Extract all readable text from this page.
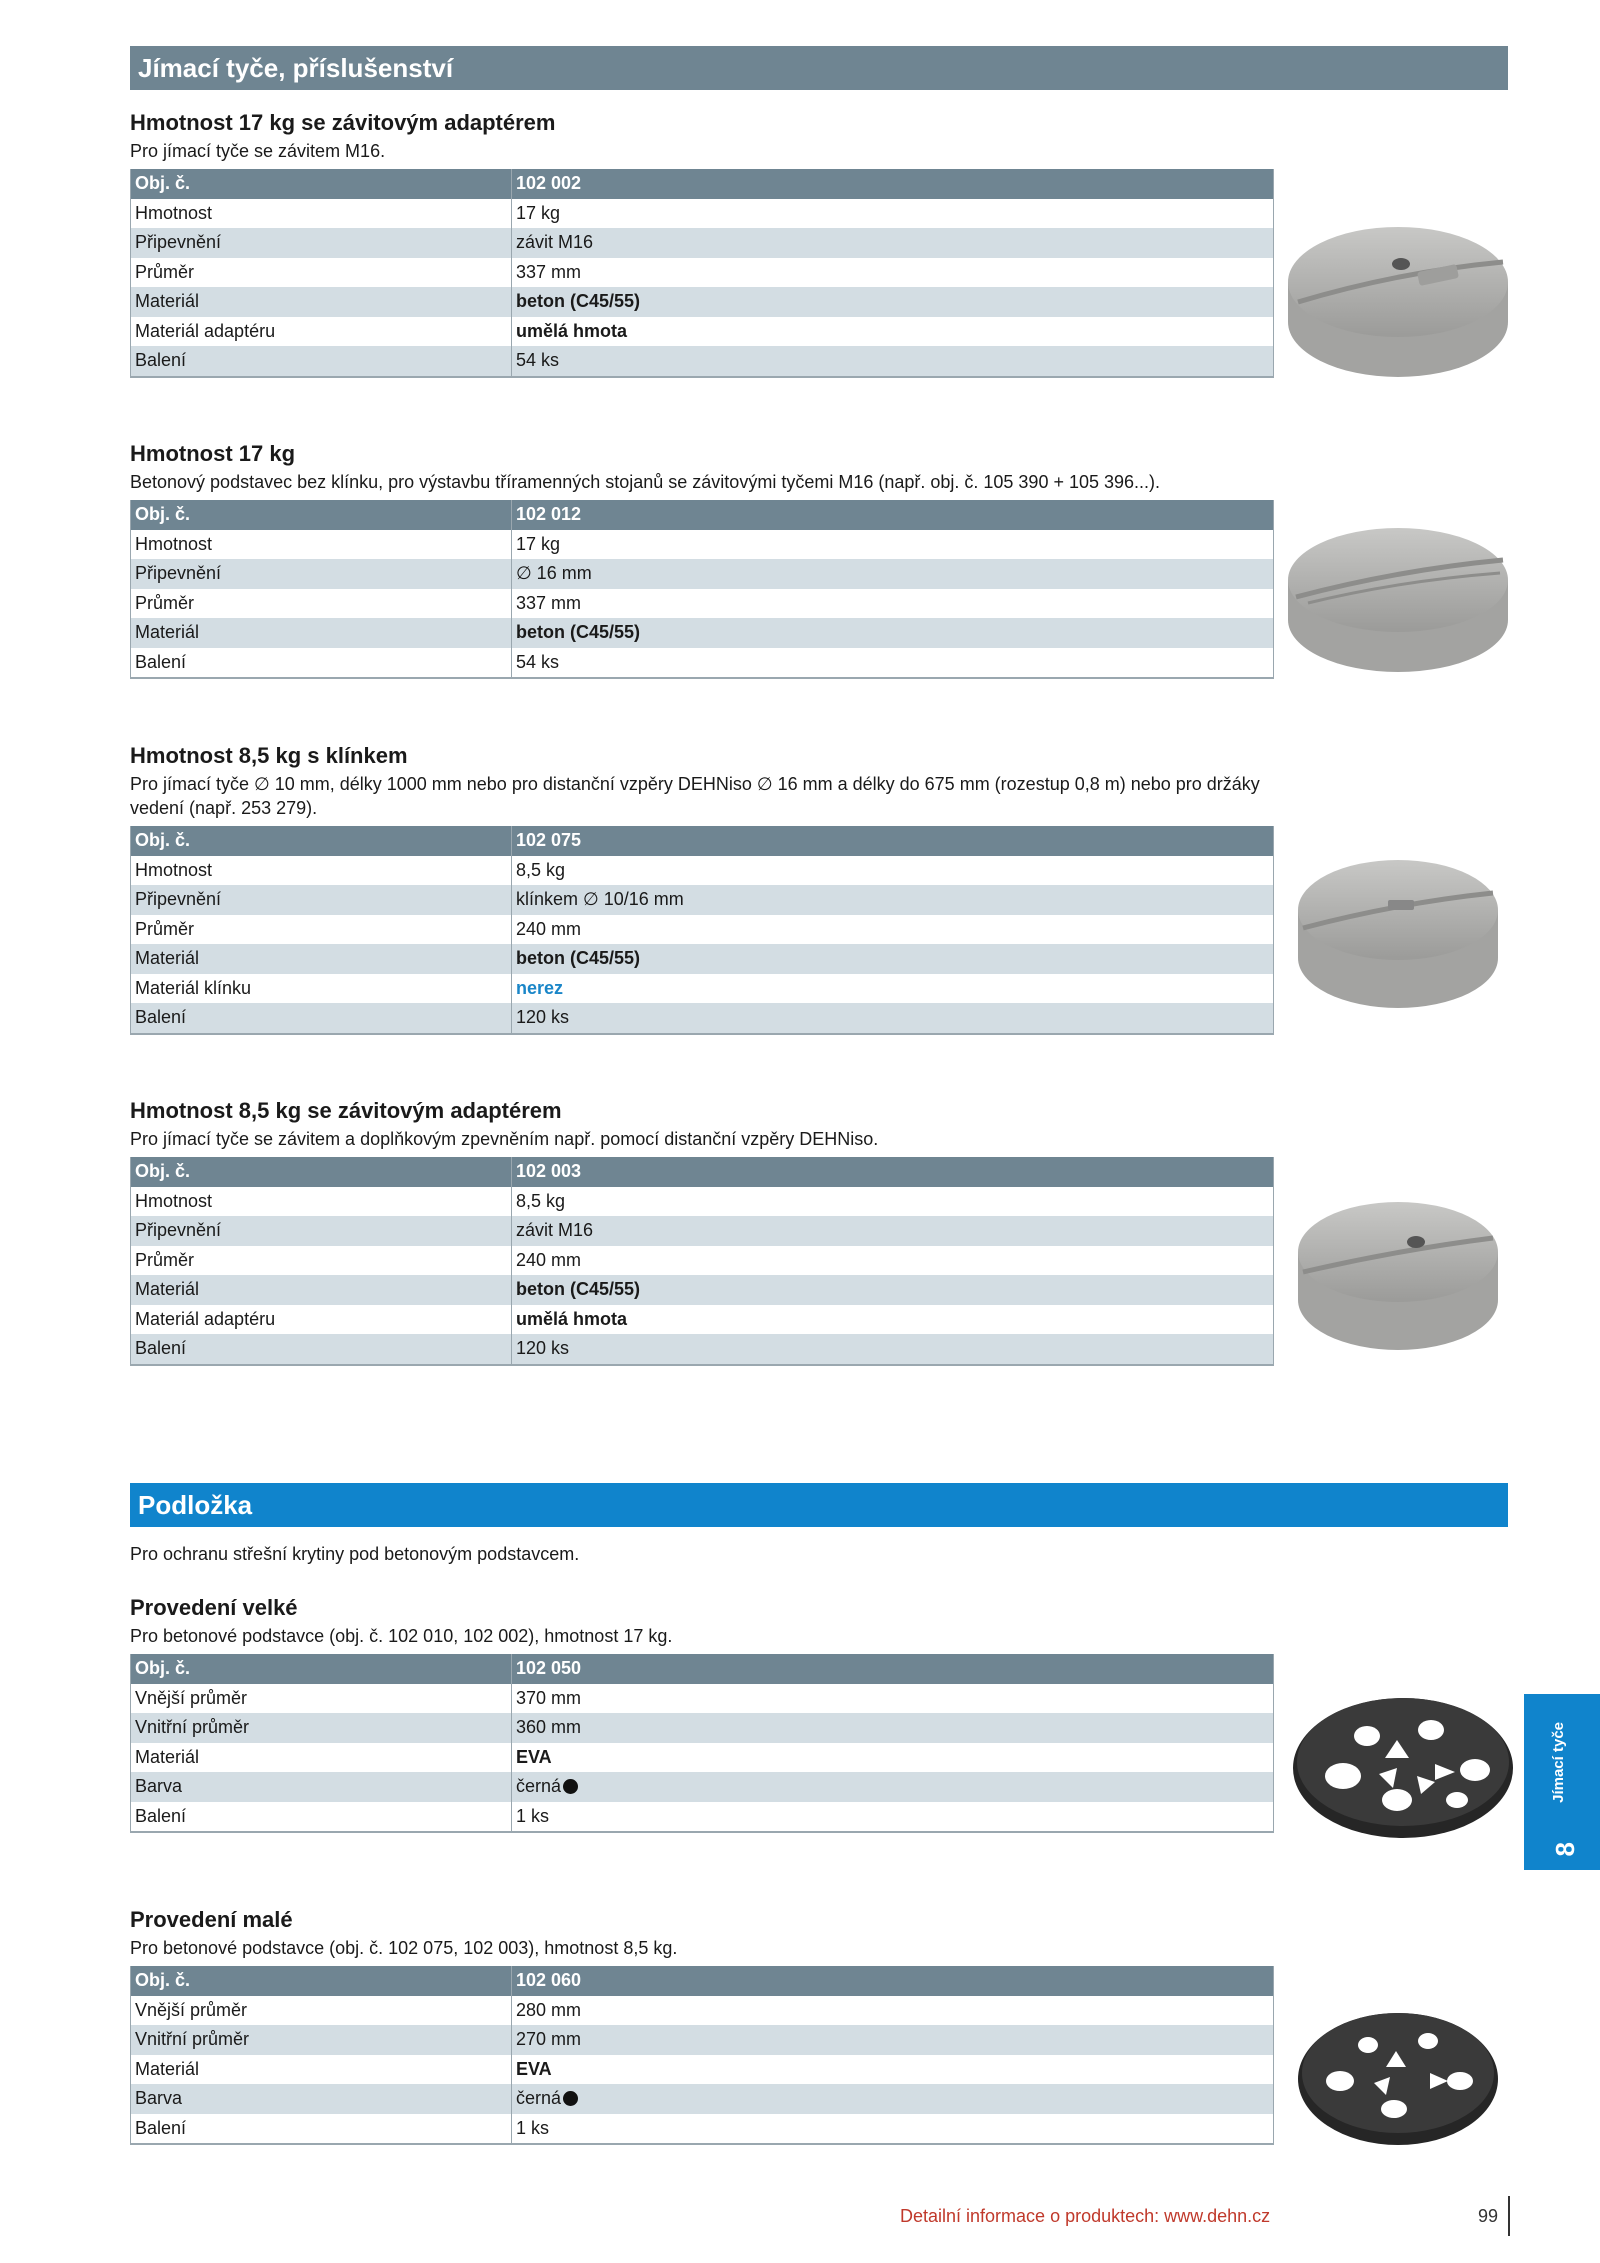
Jímací tyče, příslušenství

Hmotnost 17 kg se závitovým adaptérem

Pro jímací tyče se závitem M16.

Obj. č.	102 002
Hmotnost	17 kg
Připevnění	závit M16
Průměr	337 mm
Materiál	beton (C45/55)
Materiál adaptéru	umělá hmota
Balení	54 ks

Hmotnost 17 kg

Betonový podstavec bez klínku, pro výstavbu tříramenných stojanů se závitovými tyčemi M16 (např. obj. č. 105 390 + 105 396...).

Obj. č.	102 012
Hmotnost	17 kg
Připevnění	∅ 16 mm
Průměr	337 mm
Materiál	beton (C45/55)
Balení	54 ks

Hmotnost 8,5 kg s klínkem

Pro jímací tyče ∅ 10 mm, délky 1000 mm nebo pro distanční vzpěry DEHNiso ∅ 16 mm a délky do 675 mm (rozestup 0,8 m) nebo pro držáky vedení (např. 253 279).

Obj. č.	102 075
Hmotnost	8,5 kg
Připevnění	klínkem ∅ 10/16 mm
Průměr	240 mm
Materiál	beton (C45/55)
Materiál klínku	nerez
Balení	120 ks

Hmotnost 8,5 kg se závitovým adaptérem

Pro jímací tyče se závitem a doplňkovým zpevněním např. pomocí distanční vzpěry DEHNiso.

Obj. č.	102 003
Hmotnost	8,5 kg
Připevnění	závit M16
Průměr	240 mm
Materiál	beton (C45/55)
Materiál adaptéru	umělá hmota
Balení	120 ks
Podložka

Pro ochranu střešní krytiny pod betonovým podstavcem.

Provedení velké

Pro betonové podstavce (obj. č. 102 010, 102 002), hmotnost 17 kg.

Obj. č.	102 050
Vnější průměr	370 mm
Vnitřní průměr	360 mm
Materiál	EVA
Barva	černá
Balení	1 ks

Provedení malé

Pro betonové podstavce (obj. č. 102 075, 102 003), hmotnost 8,5 kg.

Obj. č.	102 060
Vnější průměr	280 mm
Vnitřní průměr	270 mm
Materiál	EVA
Barva	černá
Balení	1 ks
Jímací tyče
8
Detailní informace o produktech: www.dehn.cz	99
